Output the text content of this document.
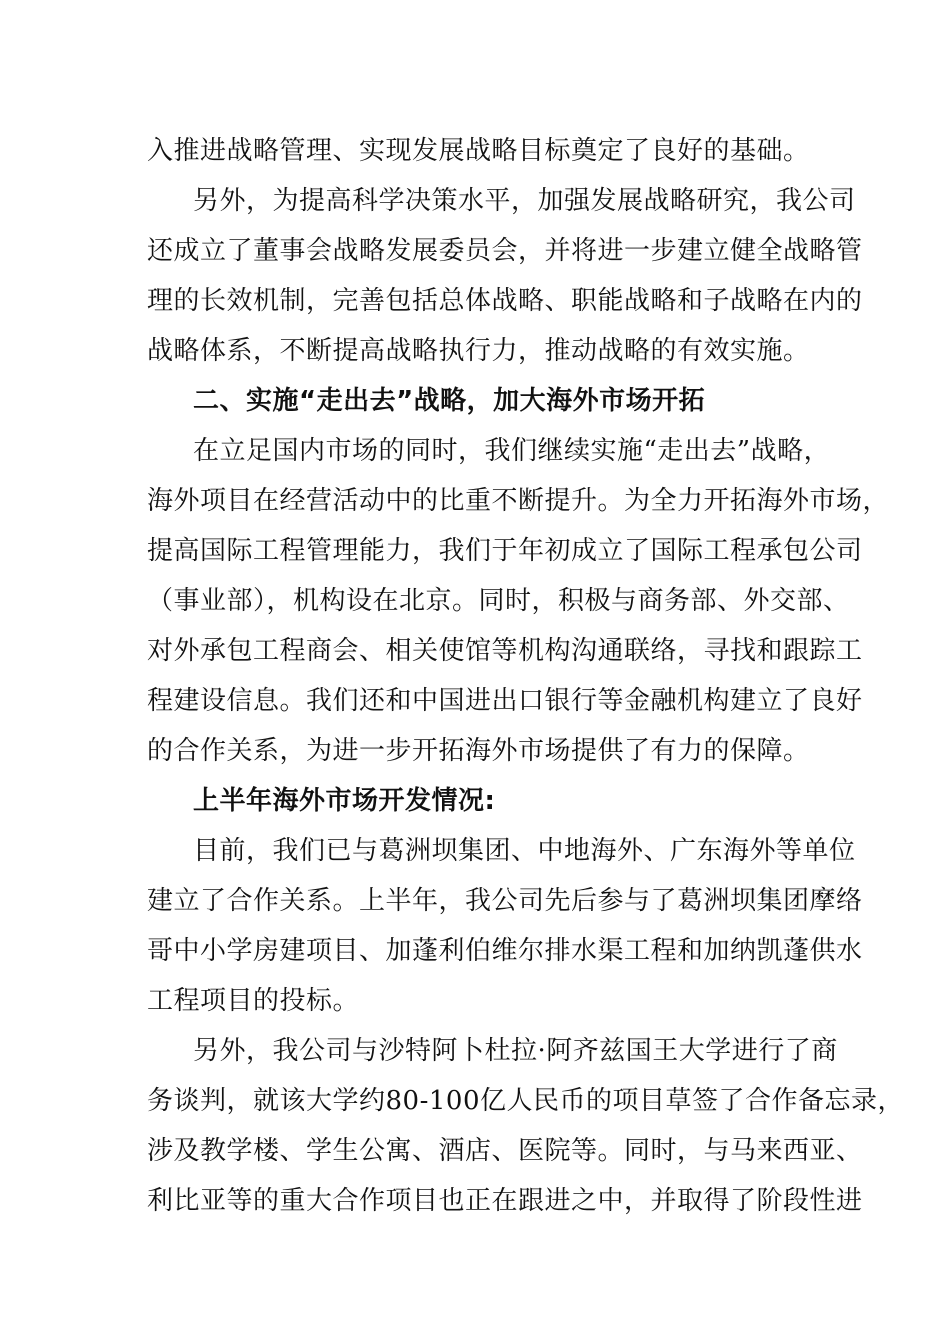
入推进战略管理、实现发展战略目标奠定了良好的基础。
另外，为提高科学决策水平，加强发展战略研究，我公司
还成立了董事会战略发展委员会，并将进一步建立健全战略管
理的长效机制，完善包括总体战略、职能战略和子战略在内的
战略体系，不断提高战略执行力，推动战略的有效实施。
二、实施“走出去”战略，加大海外市场开拓
在立足国内市场的同时，我们继续实施“走出去”战略，
海外项目在经营活动中的比重不断提升。为全力开拓海外市场，
提高国际工程管理能力，我们于年初成立了国际工程承包公司
（事业部），机构设在北京。同时，积极与商务部、外交部、
对外承包工程商会、相关使馆等机构沟通联络，寻找和跟踪工
程建设信息。我们还和中国进出口银行等金融机构建立了良好
的合作关系，为进一步开拓海外市场提供了有力的保障。
上半年海外市场开发情况:
目前，我们已与葛洲坝集团、中地海外、广东海外等单位
建立了合作关系。上半年，我公司先后参与了葛洲坝集团摩络
哥中小学房建项目、加蓬利伯维尔排水渠工程和加纳凯蓬供水
工程项目的投标。
另外，我公司与沙特阿卜杜拉·阿齐兹国王大学进行了商
务谈判，就该大学约80-100亿人民币的项目草签了合作备忘录，
涉及教学楼、学生公寓、酒店、医院等。同时，与马来西亚、
利比亚等的重大合作项目也正在跟进之中，并取得了阶段性进
